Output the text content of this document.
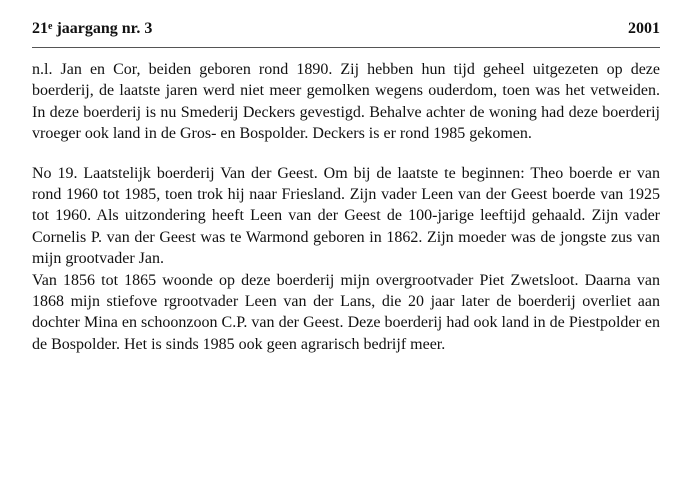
21e jaargang nr. 3	2001

n.l. Jan en Cor, beiden geboren rond 1890. Zij hebben hun tijd geheel uitgezeten op deze boerderij, de laatste jaren werd niet meer gemolken wegens ouderdom, toen was het vetweiden. In deze boerderij is nu Smederij Deckers gevestigd. Behalve achter de woning had deze boerderij vroeger ook land in de Gros- en Bospolder. Deckers is er rond 1985 gekomen.

No 19. Laatstelijk boerderij Van der Geest. Om bij de laatste te beginnen: Theo boerde er van rond 1960 tot 1985, toen trok hij naar Friesland. Zijn vader Leen van der Geest boerde van 1925 tot 1960. Als uitzondering heeft Leen van der Geest de 100-jarige leeftijd gehaald. Zijn vader Cornelis P. van der Geest was te Warmond geboren in 1862. Zijn moeder was de jongste zus van mijn grootvader Jan.

Van 1856 tot 1865 woonde op deze boerderij mijn overgrootvader Piet Zwetsloot. Daarna van 1868 mijn stiefove rgrootvader Leen van der Lans, die 20 jaar later de boerderij overliet aan dochter Mina en schoonzoon C.P. van der Geest. Deze boerderij had ook land in de Piestpolder en de Bospolder. Het is sinds 1985 ook geen agrarisch bedrijf meer.
